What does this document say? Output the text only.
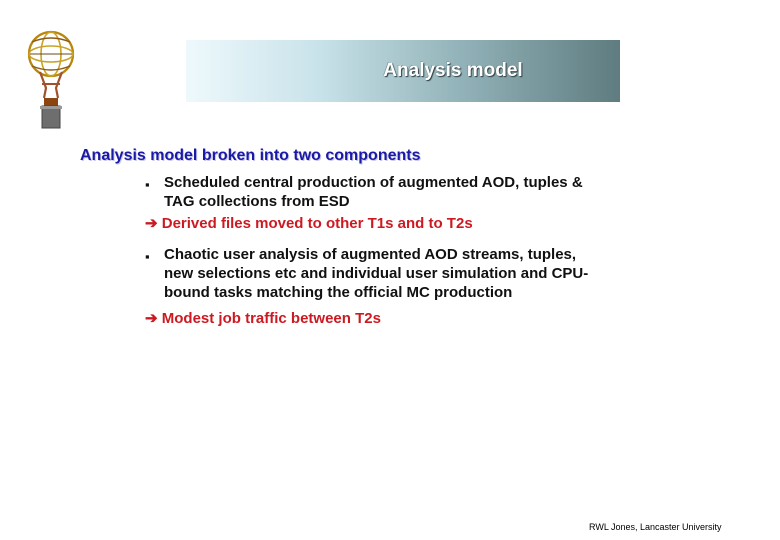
Analysis model
Analysis model broken into two components
▪ Scheduled central production of augmented AOD, tuples &
TAG collections from ESD
➔ Derived files moved to other T1s and to T2s
▪ Chaotic user analysis of augmented AOD streams, tuples,
new selections etc and individual user simulation and CPU-
bound tasks matching the official MC production
➔ Modest job traffic between T2s
RWL Jones, Lancaster University
